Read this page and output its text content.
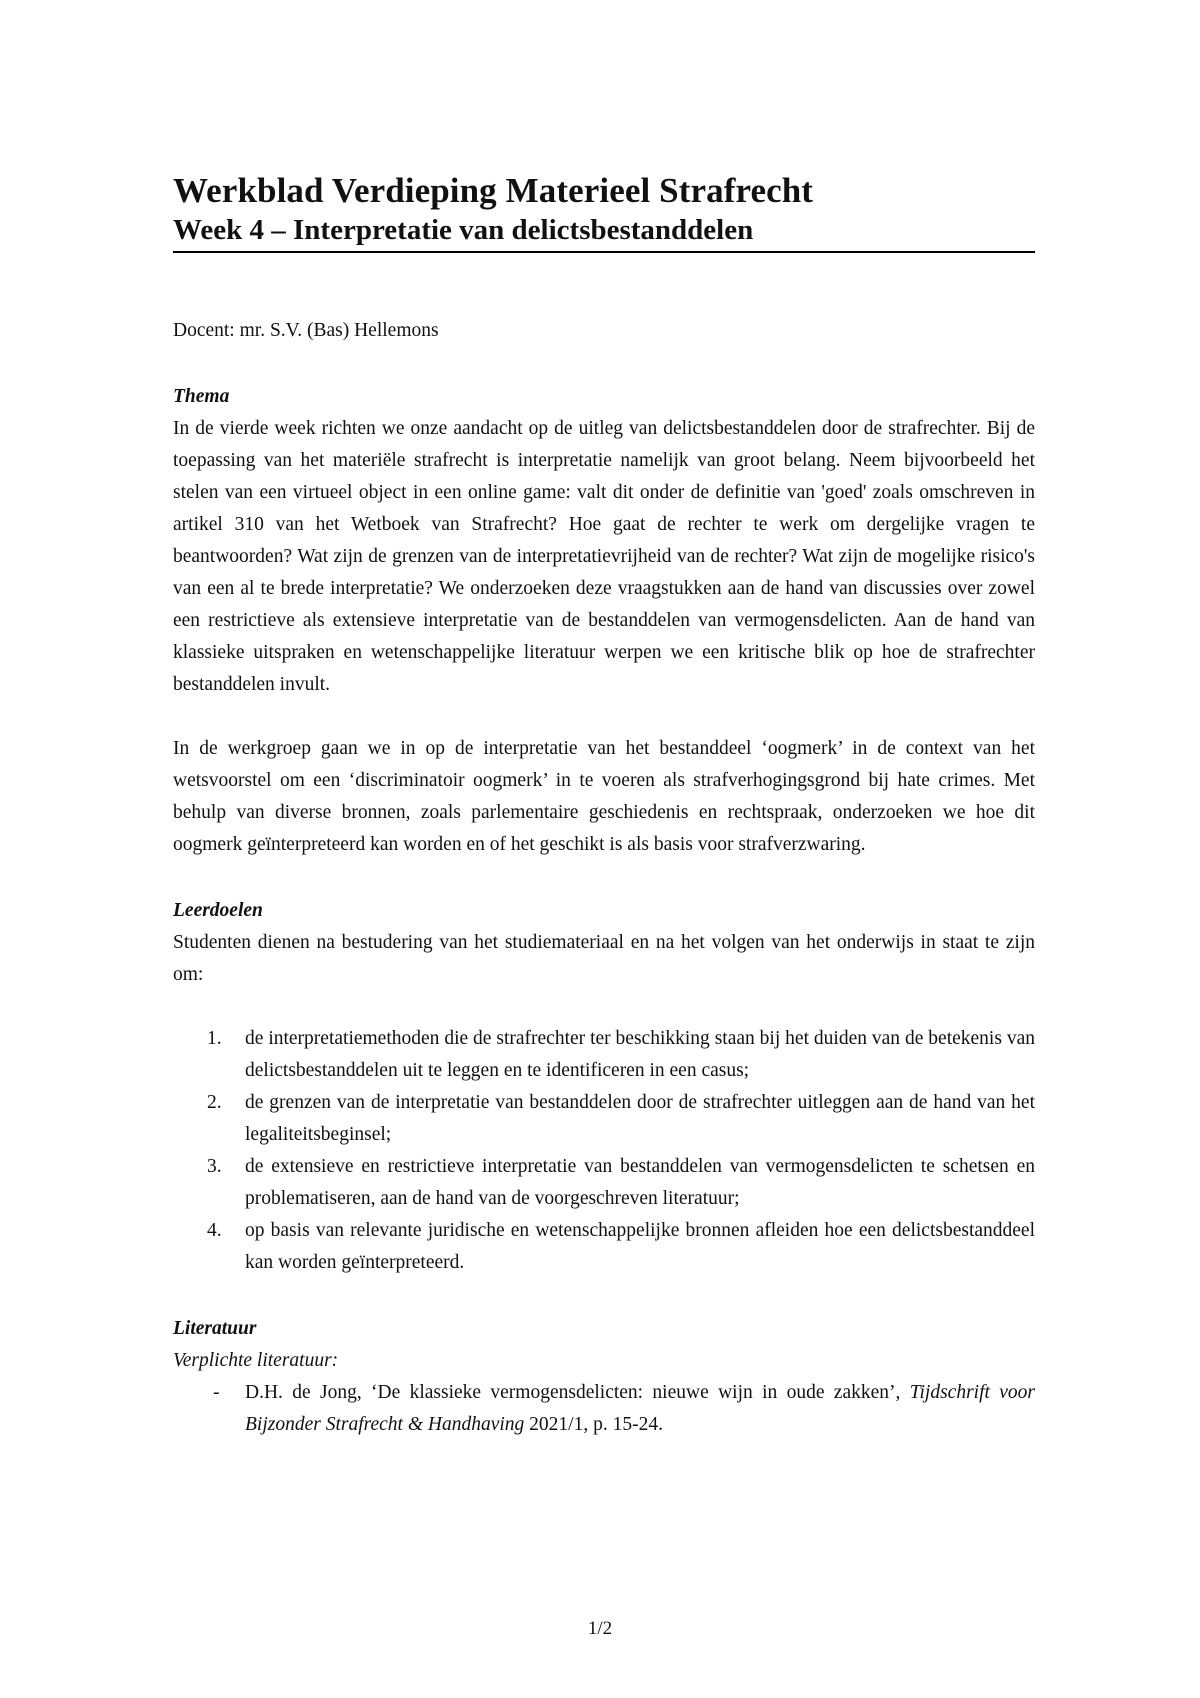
Werkblad Verdieping Materieel Strafrecht
Week 4 – Interpretatie van delictsbestanddelen
Docent: mr. S.V. (Bas) Hellemons
Thema

In de vierde week richten we onze aandacht op de uitleg van delictsbestanddelen door de strafrechter. Bij de toepassing van het materiële strafrecht is interpretatie namelijk van groot belang. Neem bijvoorbeeld het stelen van een virtueel object in een online game: valt dit onder de definitie van 'goed' zoals omschreven in artikel 310 van het Wetboek van Strafrecht? Hoe gaat de rechter te werk om dergelijke vragen te beantwoorden? Wat zijn de grenzen van de interpretatievrijheid van de rechter? Wat zijn de mogelijke risico's van een al te brede interpretatie? We onderzoeken deze vraagstukken aan de hand van discussies over zowel een restrictieve als extensieve interpretatie van de bestanddelen van vermogensdelicten. Aan de hand van klassieke uitspraken en wetenschappelijke literatuur werpen we een kritische blik op hoe de strafrechter bestanddelen invult.

In de werkgroep gaan we in op de interpretatie van het bestanddeel ‘oogmerk’ in de context van het wetsvoorstel om een ‘discriminatoir oogmerk’ in te voeren als strafverhogingsgrond bij hate crimes. Met behulp van diverse bronnen, zoals parlementaire geschiedenis en rechtspraak, onderzoeken we hoe dit oogmerk geïnterpreteerd kan worden en of het geschikt is als basis voor strafverzwaring.

Leerdoelen

Studenten dienen na bestudering van het studiemateriaal en na het volgen van het onderwijs in staat te zijn om:

1. de interpretatiemethoden die de strafrechter ter beschikking staan bij het duiden van de betekenis van delictsbestanddelen uit te leggen en te identificeren in een casus;
2. de grenzen van de interpretatie van bestanddelen door de strafrechter uitleggen aan de hand van het legaliteitsbeginsel;
3. de extensieve en restrictieve interpretatie van bestanddelen van vermogensdelicten te schetsen en problematiseren, aan de hand van de voorgeschreven literatuur;
4. op basis van relevante juridische en wetenschappelijke bronnen afleiden hoe een delictsbestanddeel kan worden geïnterpreteerd.
Literatuur
Verplichte literatuur:
- D.H. de Jong, ‘De klassieke vermogensdelicten: nieuwe wijn in oude zakken’, Tijdschrift voor Bijzonder Strafrecht & Handhaving 2021/1, p. 15-24.
1/2
